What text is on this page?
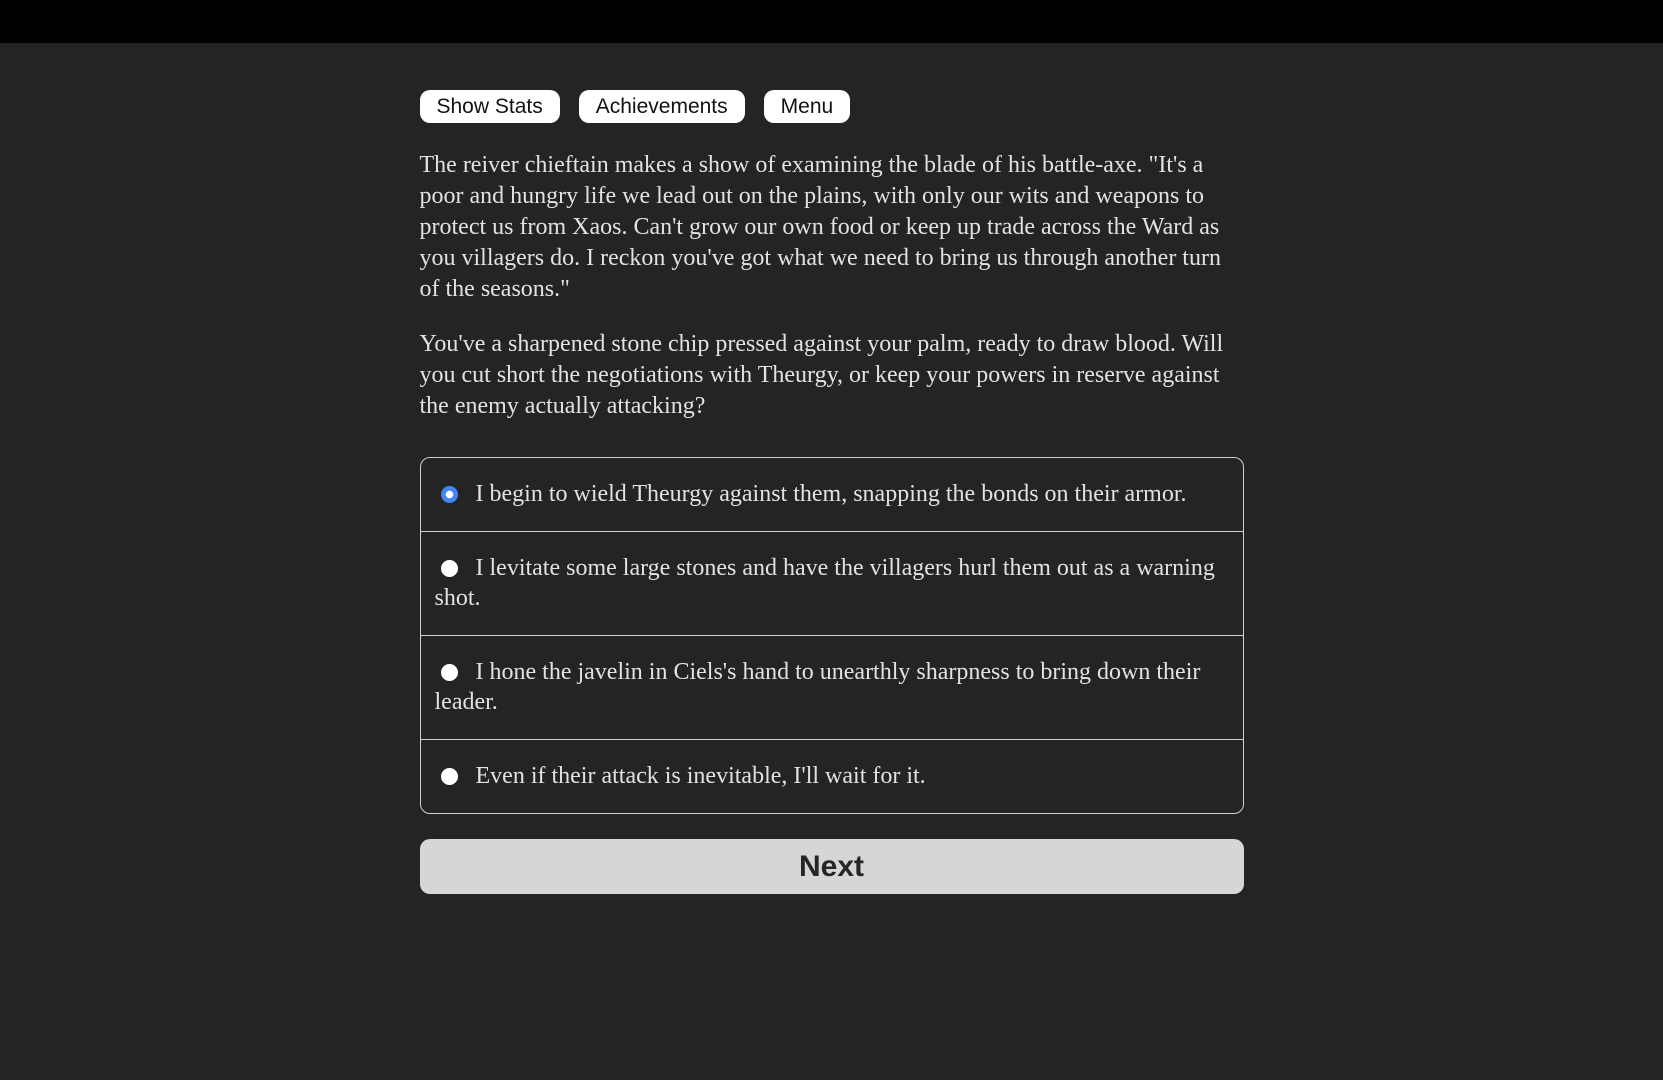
Show Stats	Achievements	Menu

The reiver chieftain makes a show of examining the blade of his battle-axe. "It's a poor and hungry life we lead out on the plains, with only our wits and weapons to protect us from Xaos. Can't grow our own food or keep up trade across the Ward as you villagers do. I reckon you've got what we need to bring us through another turn of the seasons."

You've a sharpened stone chip pressed against your palm, ready to draw blood. Will you cut short the negotiations with Theurgy, or keep your powers in reserve against the enemy actually attacking?

I begin to wield Theurgy against them, snapping the bonds on their armor.
I levitate some large stones and have the villagers hurl them out as a warning shot.
I hone the javelin in Ciels's hand to unearthly sharpness to bring down their leader.
Even if their attack is inevitable, I'll wait for it.
Next
